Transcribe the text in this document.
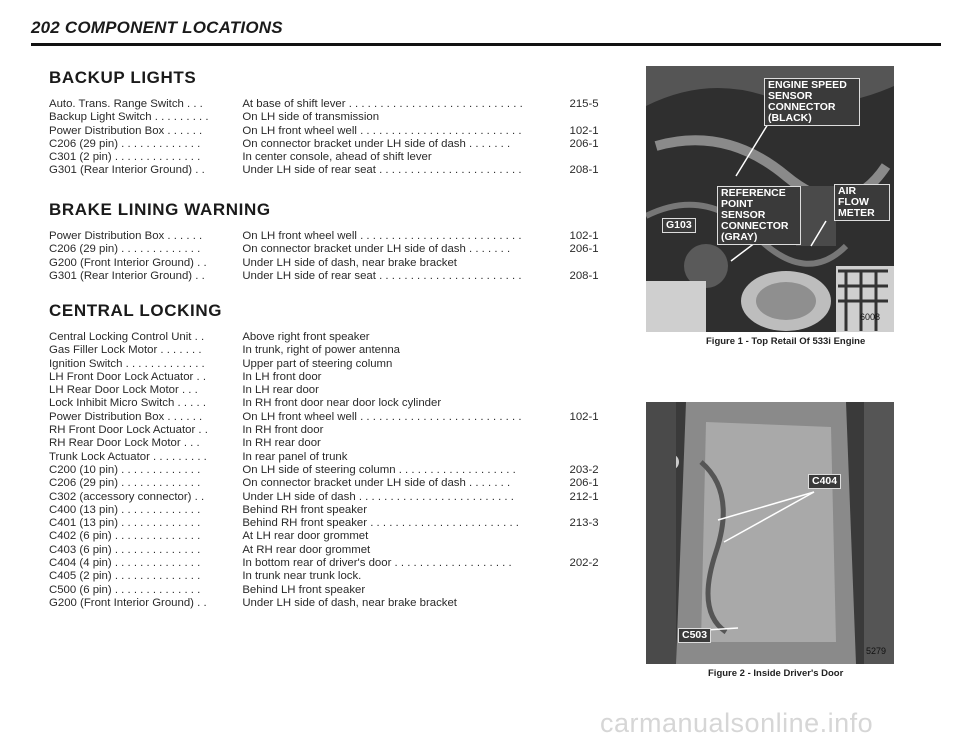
202 COMPONENT LOCATIONS
BACKUP LIGHTS
Auto. Trans. Range Switch . . .	At base of shift lever . . . . . . . . . . . . . . . . . . . . . . . . . . . .	215-5
Backup Light Switch . . . . . . . . .	On LH side of transmission
Power Distribution Box . . . . . .	On LH front wheel well . . . . . . . . . . . . . . . . . . . . . . . . . .	102-1
C206 (29 pin) . . . . . . . . . . . . .	On connector bracket under LH side of dash . . . . . . .	206-1
C301 (2 pin) . . . . . . . . . . . . . .	In center console, ahead of shift lever
G301 (Rear Interior Ground) . .	Under LH side of rear seat . . . . . . . . . . . . . . . . . . . . . . .	208-1
BRAKE LINING WARNING
Power Distribution Box . . . . . .	On LH front wheel well . . . . . . . . . . . . . . . . . . . . . . . . . .	102-1
C206 (29 pin) . . . . . . . . . . . . .	On connector bracket under LH side of dash . . . . . . .	206-1
G200 (Front Interior Ground) . .	Under LH side of dash, near brake bracket
G301 (Rear Interior Ground) . .	Under LH side of rear seat . . . . . . . . . . . . . . . . . . . . . . .	208-1
CENTRAL LOCKING
Central Locking Control Unit . .	Above right front speaker
Gas Filler Lock Motor . . . . . . .	In trunk, right of power antenna
Ignition Switch . . . . . . . . . . . . .	Upper part of steering column
LH Front Door Lock Actuator . .	In LH front door
LH Rear Door Lock Motor . . .	In LH rear door
Lock Inhibit Micro Switch . . . . .	In RH front door near door lock cylinder
Power Distribution Box . . . . . .	On LH front wheel well . . . . . . . . . . . . . . . . . . . . . . . . . .	102-1
RH Front Door Lock Actuator . .	In RH front door
RH Rear Door Lock Motor . . .	In RH rear door
Trunk Lock Actuator . . . . . . . . .	In rear panel of trunk
C200 (10 pin) . . . . . . . . . . . . .	On LH side of steering column . . . . . . . . . . . . . . . . . . .	203-2
C206 (29 pin) . . . . . . . . . . . . .	On connector bracket under LH side of dash . . . . . . .	206-1
C302 (accessory connector) . .	Under LH side of dash . . . . . . . . . . . . . . . . . . . . . . . . .	212-1
C400 (13 pin) . . . . . . . . . . . . .	Behind RH front speaker
C401 (13 pin) . . . . . . . . . . . . .	Behind RH front speaker . . . . . . . . . . . . . . . . . . . . . . . .	213-3
C402 (6 pin) . . . . . . . . . . . . . .	At LH rear door grommet
C403 (6 pin) . . . . . . . . . . . . . .	At RH rear door grommet
C404 (4 pin) . . . . . . . . . . . . . .	In bottom rear of driver's door . . . . . . . . . . . . . . . . . . .	202-2
C405 (2 pin) . . . . . . . . . . . . . .	In trunk near trunk lock.
C500 (6 pin) . . . . . . . . . . . . . .	Behind LH front speaker
G200 (Front Interior Ground) . .	Under LH side of dash, near brake bracket
ENGINE SPEED SENSOR CONNECTOR (BLACK)
AIR FLOW METER
REFERENCE POINT SENSOR CONNECTOR (GRAY)
G103
6008
Figure 1 - Top Retail Of 533i Engine
C404
C503
5279
Figure 2 - Inside Driver's Door
carmanualsonline.info
